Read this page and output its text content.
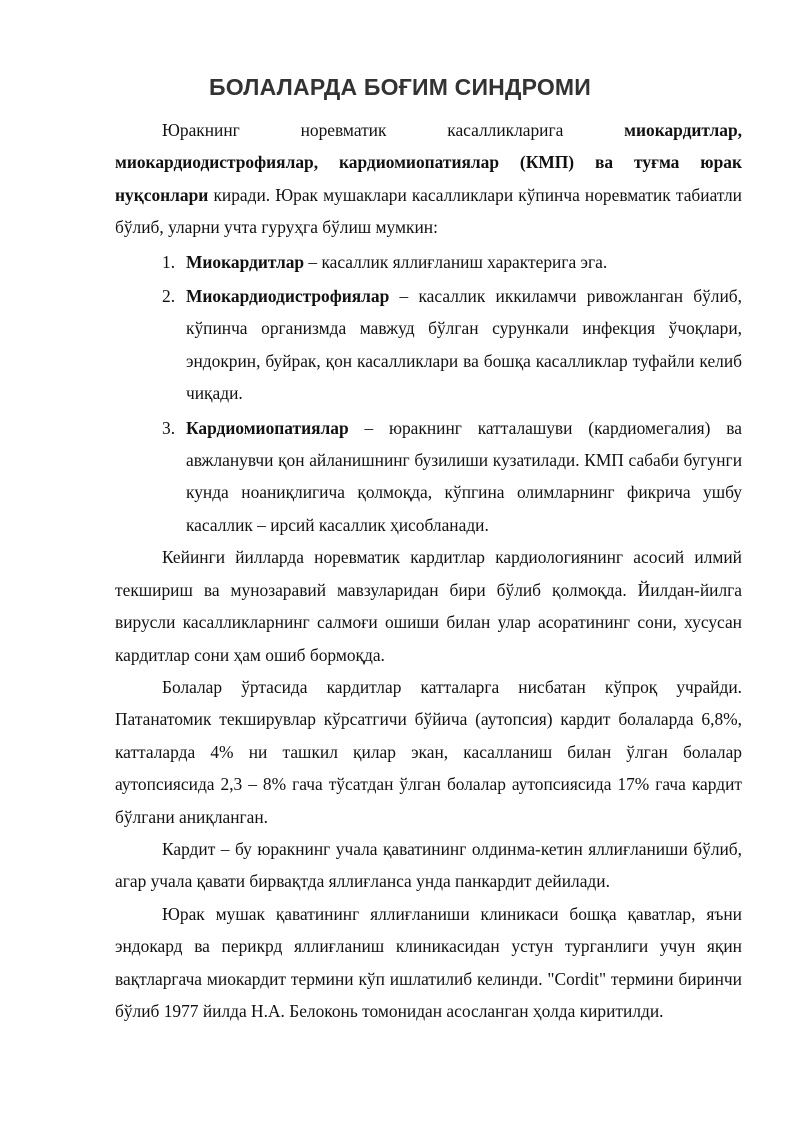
БОЛАЛАРДА БОҒИМ СИНДРОМИ

Юракнинг норевматик касалликларига миокардитлар, миокардиодистрофиялар, кардиомиопатиялар (КМП) ва туғма юрак нуқсонлари киради. Юрак мушаклари касалликлари кўпинча норевматик табиатли бўлиб, уларни учта гуруҳга бўлиш мумкин:

1. Миокардитлар – касаллик яллиғланиш характерига эга.
2. Миокардиодистрофиялар – касаллик иккиламчи ривожланган бўлиб, кўпинча организмда мавжуд бўлган сурункали инфекция ўчоқлари, эндокрин, буйрак, қон касалликлари ва бошқа касалликлар туфайли келиб чиқади.
3. Кардиомиопатиялар – юракнинг катталашуви (кардиомегалия) ва авжланувчи қон айланишнинг бузилиши кузатилади. КМП сабаби бугунги кунда ноаниқлигича қолмоқда, кўпгина олимларнинг фикрича ушбу касаллик – ирсий касаллик ҳисобланади.

Кейинги йилларда норевматик кардитлар кардиологиянинг асосий илмий текшириш ва мунозаравий мавзуларидан бири бўлиб қолмоқда. Йилдан-йилга вирусли касалликларнинг салмоғи ошиши билан улар асоратининг сони, хусусан кардитлар сони ҳам ошиб бормоқда.

Болалар ўртасида кардитлар катталарга нисбатан кўпроқ учрайди. Патанатомик текширувлар кўрсатгичи бўйича (аутопсия) кардит болаларда 6,8%, катталарда 4% ни ташкил қилар экан, касалланиш билан ўлган болалар аутопсиясида 2,3 – 8% гача тўсатдан ўлган болалар аутопсиясида 17% гача кардит бўлгани аниқланган.

Кардит – бу юракнинг учала қаватининг олдинма-кетин яллиғланиши бўлиб, агар учала қавати бирвақтда яллиғланса унда панкардит дейилади.

Юрак мушак қаватининг яллиғланиши клиникаси бошқа қаватлар, яъни эндокард ва перикрд яллиғланиш клиникасидан устун турганлиги учун яқин вақтларгача миокардит термини кўп ишлатилиб келинди. "Cordit" термини биринчи бўлиб 1977 йилда Н.А. Белоконь томонидан асосланган ҳолда киритилди.
